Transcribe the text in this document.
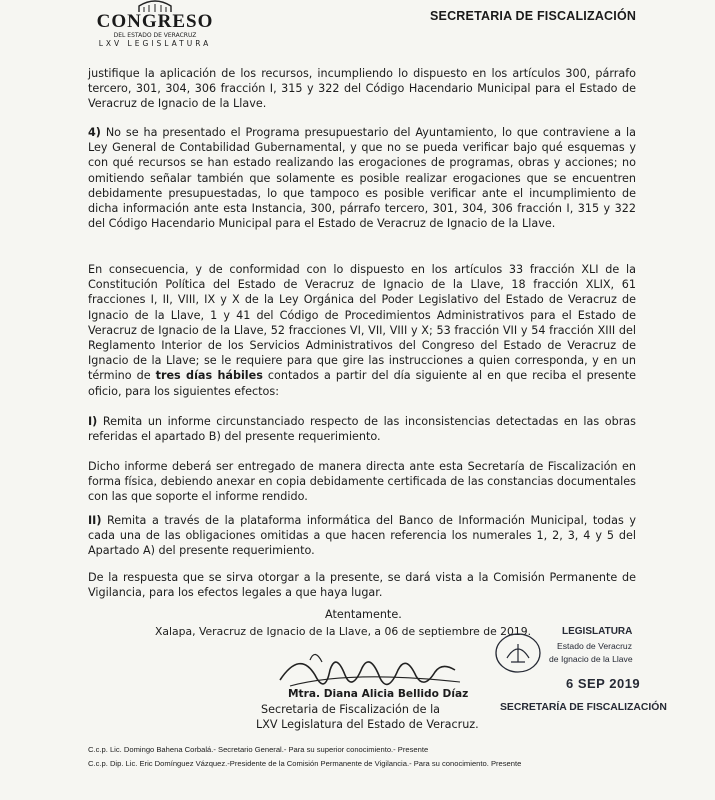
CONGRESO
DEL ESTADO DE VERACRUZ
LXV LEGISLATURA
SECRETARIA DE FISCALIZACIÓN

justifique la aplicación de los recursos, incumpliendo lo dispuesto en los artículos 300, párrafo tercero, 301, 304, 306 fracción I, 315 y 322 del Código Hacendario Municipal para el Estado de Veracruz de Ignacio de la Llave.

4) No se ha presentado el Programa presupuestario del Ayuntamiento, lo que contraviene a la Ley General de Contabilidad Gubernamental, y que no se pueda verificar bajo qué esquemas y con qué recursos se han estado realizando las erogaciones de programas, obras y acciones; no omitiendo señalar también que solamente es posible realizar erogaciones que se encuentren debidamente presupuestadas, lo que tampoco es posible verificar ante el incumplimiento de dicha información ante esta Instancia, 300, párrafo tercero, 301, 304, 306 fracción I, 315 y 322 del Código Hacendario Municipal para el Estado de Veracruz de Ignacio de la Llave.

En consecuencia, y de conformidad con lo dispuesto en los artículos 33 fracción XLI de la Constitución Política del Estado de Veracruz de Ignacio de la Llave, 18 fracción XLIX, 61 fracciones I, II, VIII, IX y X de la Ley Orgánica del Poder Legislativo del Estado de Veracruz de Ignacio de la Llave, 1 y 41 del Código de Procedimientos Administrativos para el Estado de Veracruz de Ignacio de la Llave, 52 fracciones VI, VII, VIII y X; 53 fracción VII y 54 fracción XIII del Reglamento Interior de los Servicios Administrativos del Congreso del Estado de Veracruz de Ignacio de la Llave; se le requiere para que gire las instrucciones a quien corresponda, y en un término de tres días hábiles contados a partir del día siguiente al en que reciba el presente oficio, para los siguientes efectos:

I) Remita un informe circunstanciado respecto de las inconsistencias detectadas en las obras referidas el apartado B) del presente requerimiento.

Dicho informe deberá ser entregado de manera directa ante esta Secretaría de Fiscalización en forma física, debiendo anexar en copia debidamente certificada de las constancias documentales con las que soporte el informe rendido.

II) Remita a través de la plataforma informática del Banco de Información Municipal, todas y cada una de las obligaciones omitidas a que hacen referencia los numerales 1, 2, 3, 4 y 5 del Apartado A) del presente requerimiento.

De la respuesta que se sirva otorgar a la presente, se dará vista a la Comisión Permanente de Vigilancia, para los efectos legales a que haya lugar.

Atentamente.
Xalapa, Veracruz de Ignacio de la Llave, a 06 de septiembre de 2019.
Mtra. Diana Alicia Bellido Díaz
Secretaria de Fiscalización de la
LXV Legislatura del Estado de Veracruz.
LEGISLATURA
Estado de Veracruz
de Ignacio de la Llave
6 SEP 2019
SECRETARÍA DE FISCALIZACIÓN
C.c.p. Lic. Domingo Bahena Corbalá.- Secretario General.- Para su superior conocimiento.- Presente
C.c.p. Dip. Lic. Eric Domínguez Vázquez.-Presidente de la Comisión Permanente de Vigilancia.- Para su conocimiento. Presente
